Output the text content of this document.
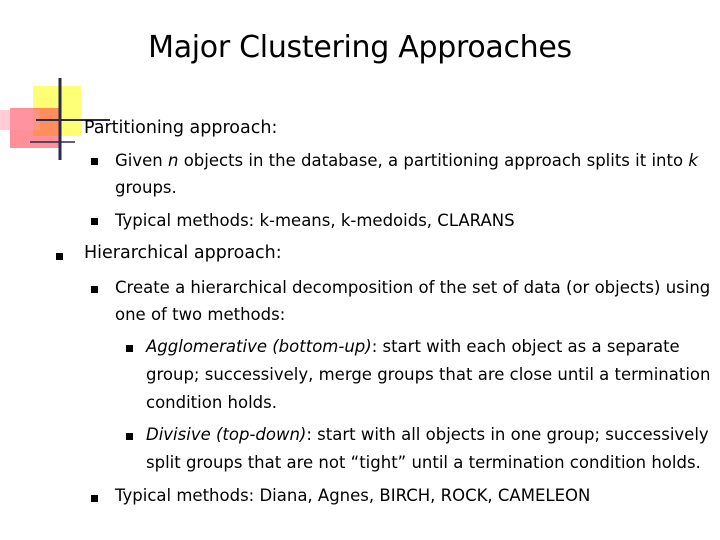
Major Clustering Approaches
Partitioning approach:
Given n objects in the database, a partitioning approach splits it into k
groups.
Typical methods: k-means, k-medoids, CLARANS
Hierarchical approach:
Create a hierarchical decomposition of the set of data (or objects) using
one of two methods:
Agglomerative (bottom-up): start with each object as a separate
group; successively, merge groups that are close until a termination
condition holds.
Divisive (top-down): start with all objects in one group; successively
split groups that are not “tight” until a termination condition holds.
Typical methods: Diana, Agnes, BIRCH, ROCK, CAMELEON
